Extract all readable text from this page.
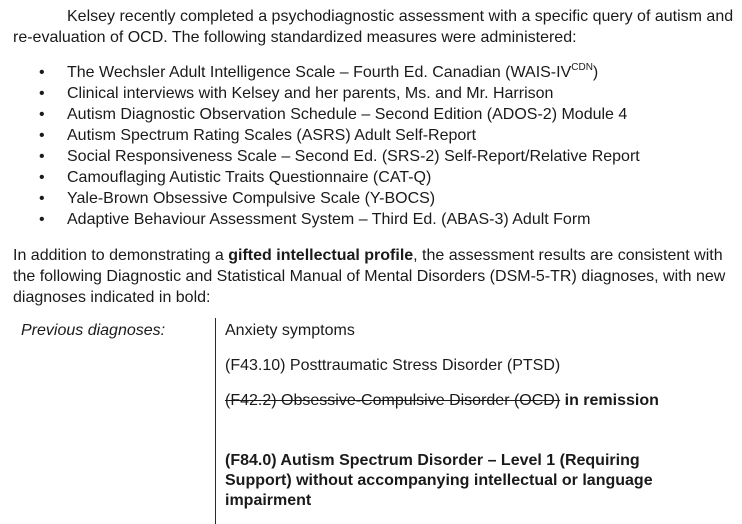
Kelsey recently completed a psychodiagnostic assessment with a specific query of autism and re-evaluation of OCD. The following standardized measures were administered:

• The Wechsler Adult Intelligence Scale – Fourth Ed. Canadian $(WAIS-IV^{CDN})$
• Clinical interviews with Kelsey and her parents, Ms. and Mr. Harrison
• Autism Diagnostic Observation Schedule – Second Edition (ADOS-2) Module 4
• Autism Spectrum Rating Scales (ASRS) Adult Self-Report
• Social Responsiveness Scale – Second Ed. (SRS-2) Self-Report/Relative Report
• Camouflaging Autistic Traits Questionnaire (CAT-Q)
• Yale-Brown Obsessive Compulsive Scale (Y-BOCS)
• Adaptive Behaviour Assessment System – Third Ed. (ABAS-3) Adult Form

In addition to demonstrating a gifted intellectual profile, the assessment results are consistent with the following Diagnostic and Statistical Manual of Mental Disorders (DSM-5-TR) diagnoses, with new diagnoses indicated in bold:

Previous diagnoses:	Anxiety symptoms
(F43.10) Posttraumatic Stress Disorder (PTSD)
(F42.2) Obsessive-Compulsive Disorder (OCD) in remission
(F84.0) Autism Spectrum Disorder – Level 1 (Requiring Support) without accompanying intellectual or language impairment
